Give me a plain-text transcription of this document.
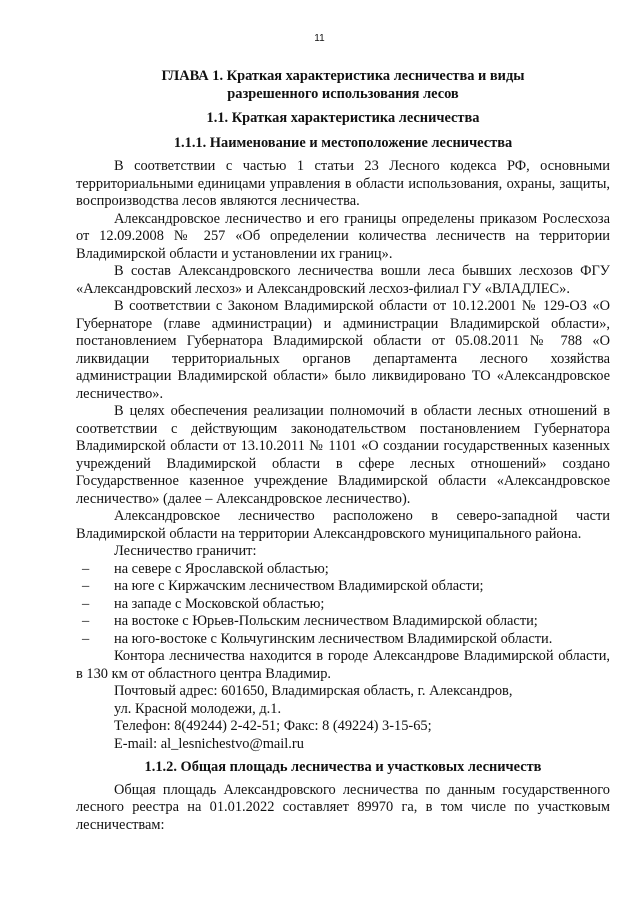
11
ГЛАВА 1. Краткая характеристика лесничества и виды разрешенного использования лесов
1.1. Краткая характеристика лесничества
1.1.1. Наименование и местоположение лесничества

В соответствии с частью 1 статьи 23 Лесного кодекса РФ, основными территориальными единицами управления в области использования, охраны, защиты, воспроизводства лесов являются лесничества.

Александровское лесничество и его границы определены приказом Рослесхоза от 12.09.2008 № 257 «Об определении количества лесничеств на территории Владимирской области и установлении их границ».

В состав Александровского лесничества вошли леса бывших лесхозов ФГУ «Александровский лесхоз» и Александровский лесхоз-филиал ГУ «ВЛАДЛЕС».

В соответствии с Законом Владимирской области от 10.12.2001 № 129-ОЗ «О Губернаторе (главе администрации) и администрации Владимирской области», постановлением Губернатора Владимирской области от 05.08.2011 № 788 «О ликвидации территориальных органов департамента лесного хозяйства администрации Владимирской области» было ликвидировано ТО «Александровское лесничество».

В целях обеспечения реализации полномочий в области лесных отношений в соответствии с действующим законодательством постановлением Губернатора Владимирской области от 13.10.2011 № 1101 «О создании государственных казенных учреждений Владимирской области в сфере лесных отношений» создано Государственное казенное учреждение Владимирской области «Александровское лесничество» (далее – Александровское лесничество).

Александровское лесничество расположено в северо-западной части Владимирской области на территории Александровского муниципального района.

Лесничество граничит:

–	на севере с Ярославской областью;
–	на юге с Киржачским лесничеством Владимирской области;
–	на западе с Московской областью;
–	на востоке с Юрьев-Польским лесничеством Владимирской области;
– на юго-востоке с Кольчугинским лесничеством Владимирской области.

Контора лесничества находится в городе Александрове Владимирской области, в 130 км от областного центра Владимир.

Почтовый адрес: 601650, Владимирская область, г. Александров,
ул. Красной молодежи, д.1.
Телефон: 8(49244) 2-42-51; Факс: 8 (49224) 3-15-65;
E-mail: al_lesnichestvo@mail.ru
1.1.2. Общая площадь лесничества и участковых лесничеств

Общая площадь Александровского лесничества по данным государственного лесного реестра на 01.01.2022 составляет 89970 га, в том числе по участковым лесничествам:
